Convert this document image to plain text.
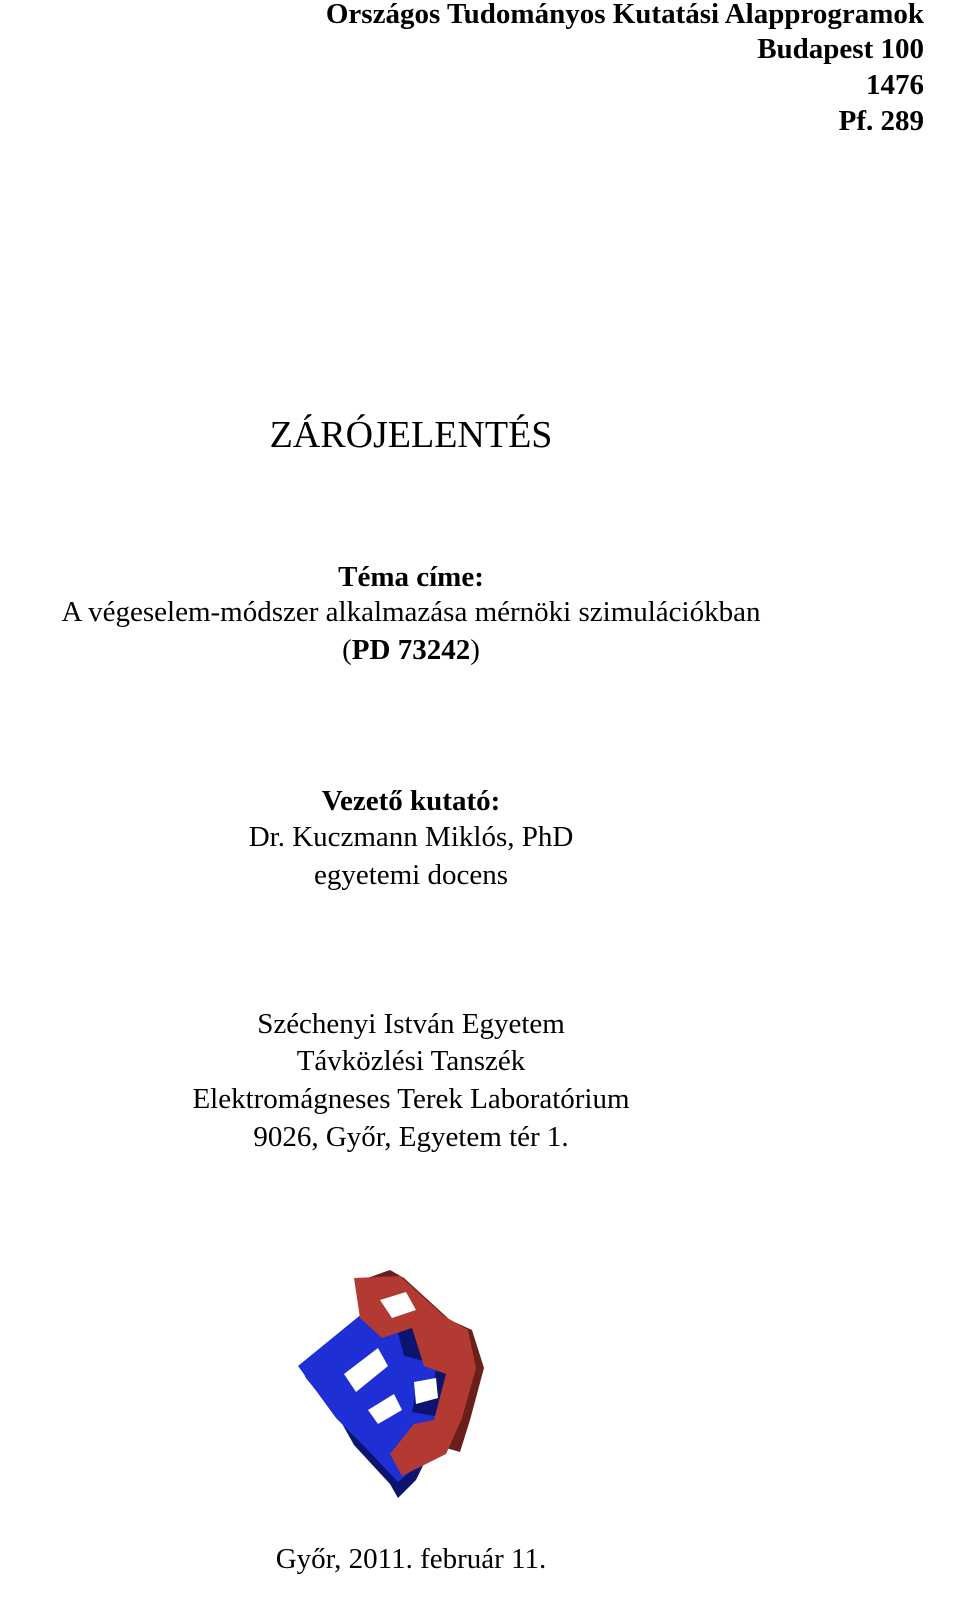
Országos Tudományos Kutatási Alapprogramok
Budapest 100
1476
Pf. 289
ZÁRÓJELENTÉS
Téma címe:
A végeselem-módszer alkalmazása mérnöki szimulációkban
(PD 73242)
Vezető kutató:
Dr. Kuczmann Miklós, PhD
egyetemi docens
Széchenyi István Egyetem
Távközlési Tanszék
Elektromágneses Terek Laboratórium
9026, Győr, Egyetem tér 1.
Győr, 2011. február 11.
